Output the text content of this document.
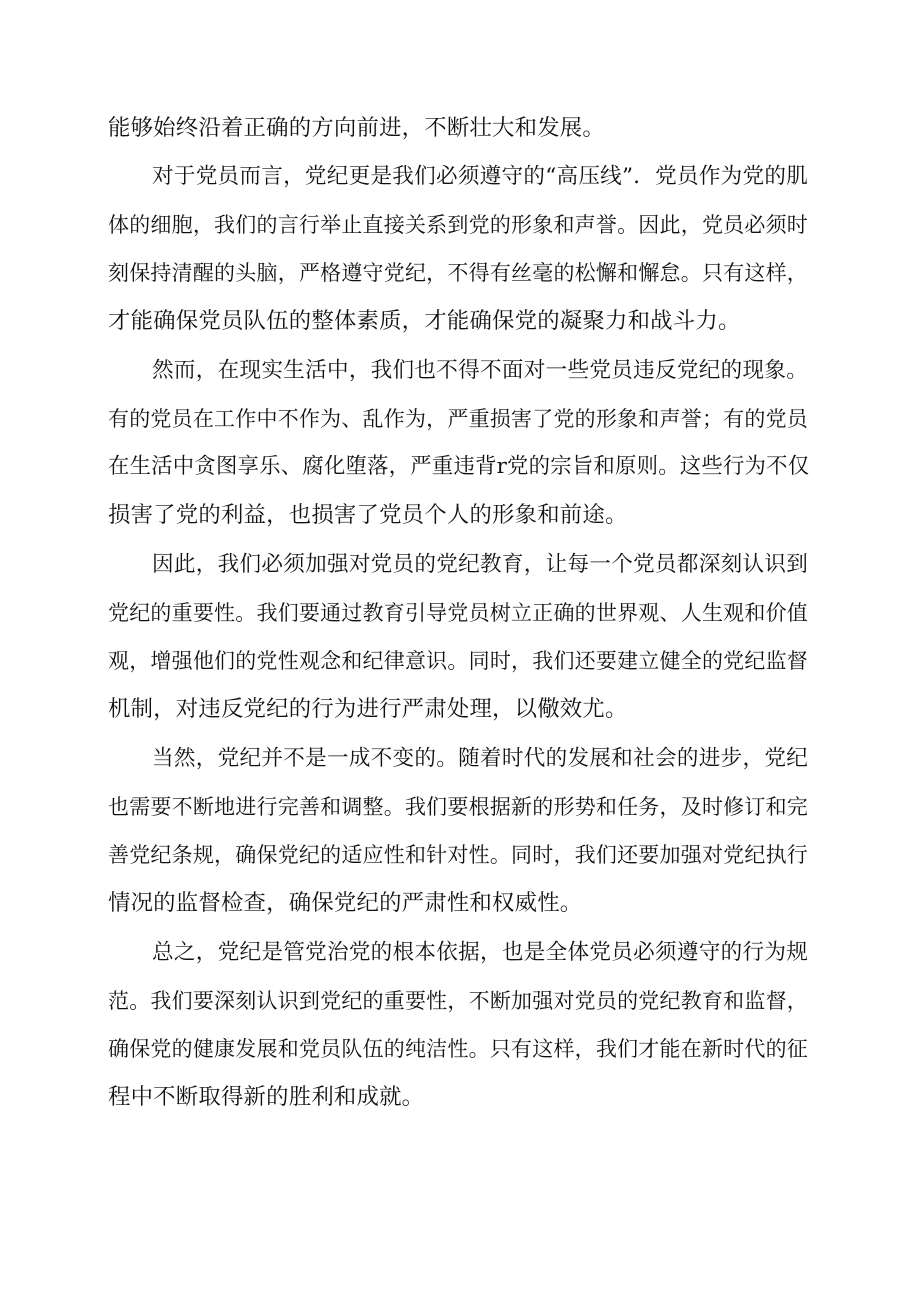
能够始终沿着正确的方向前进，不断壮大和发展。
对于党员而言，党纪更是我们必须遵守的“高压线”．党员作为党的肌
体的细胞，我们的言行举止直接关系到党的形象和声誉。因此，党员必须时
刻保持清醒的头脑，严格遵守党纪，不得有丝毫的松懈和懈怠。只有这样，
才能确保党员队伍的整体素质，才能确保党的凝聚力和战斗力。
然而，在现实生活中，我们也不得不面对一些党员违反党纪的现象。
有的党员在工作中不作为、乱作为，严重损害了党的形象和声誉；有的党员
在生活中贪图享乐、腐化堕落，严重违背r党的宗旨和原则。这些行为不仅
损害了党的利益，也损害了党员个人的形象和前途。
因此，我们必须加强对党员的党纪教育，让每一个党员都深刻认识到
党纪的重要性。我们要通过教育引导党员树立正确的世界观、人生观和价值
观，增强他们的党性观念和纪律意识。同时，我们还要建立健全的党纪监督
机制，对违反党纪的行为进行严肃处理，以儆效尤。
当然，党纪并不是一成不变的。随着时代的发展和社会的进步，党纪
也需要不断地进行完善和调整。我们要根据新的形势和任务，及时修订和完
善党纪条规，确保党纪的适应性和针对性。同时，我们还要加强对党纪执行
情况的监督检查，确保党纪的严肃性和权威性。
总之，党纪是管党治党的根本依据，也是全体党员必须遵守的行为规
范。我们要深刻认识到党纪的重要性，不断加强对党员的党纪教育和监督，
确保党的健康发展和党员队伍的纯洁性。只有这样，我们才能在新时代的征
程中不断取得新的胜利和成就。
